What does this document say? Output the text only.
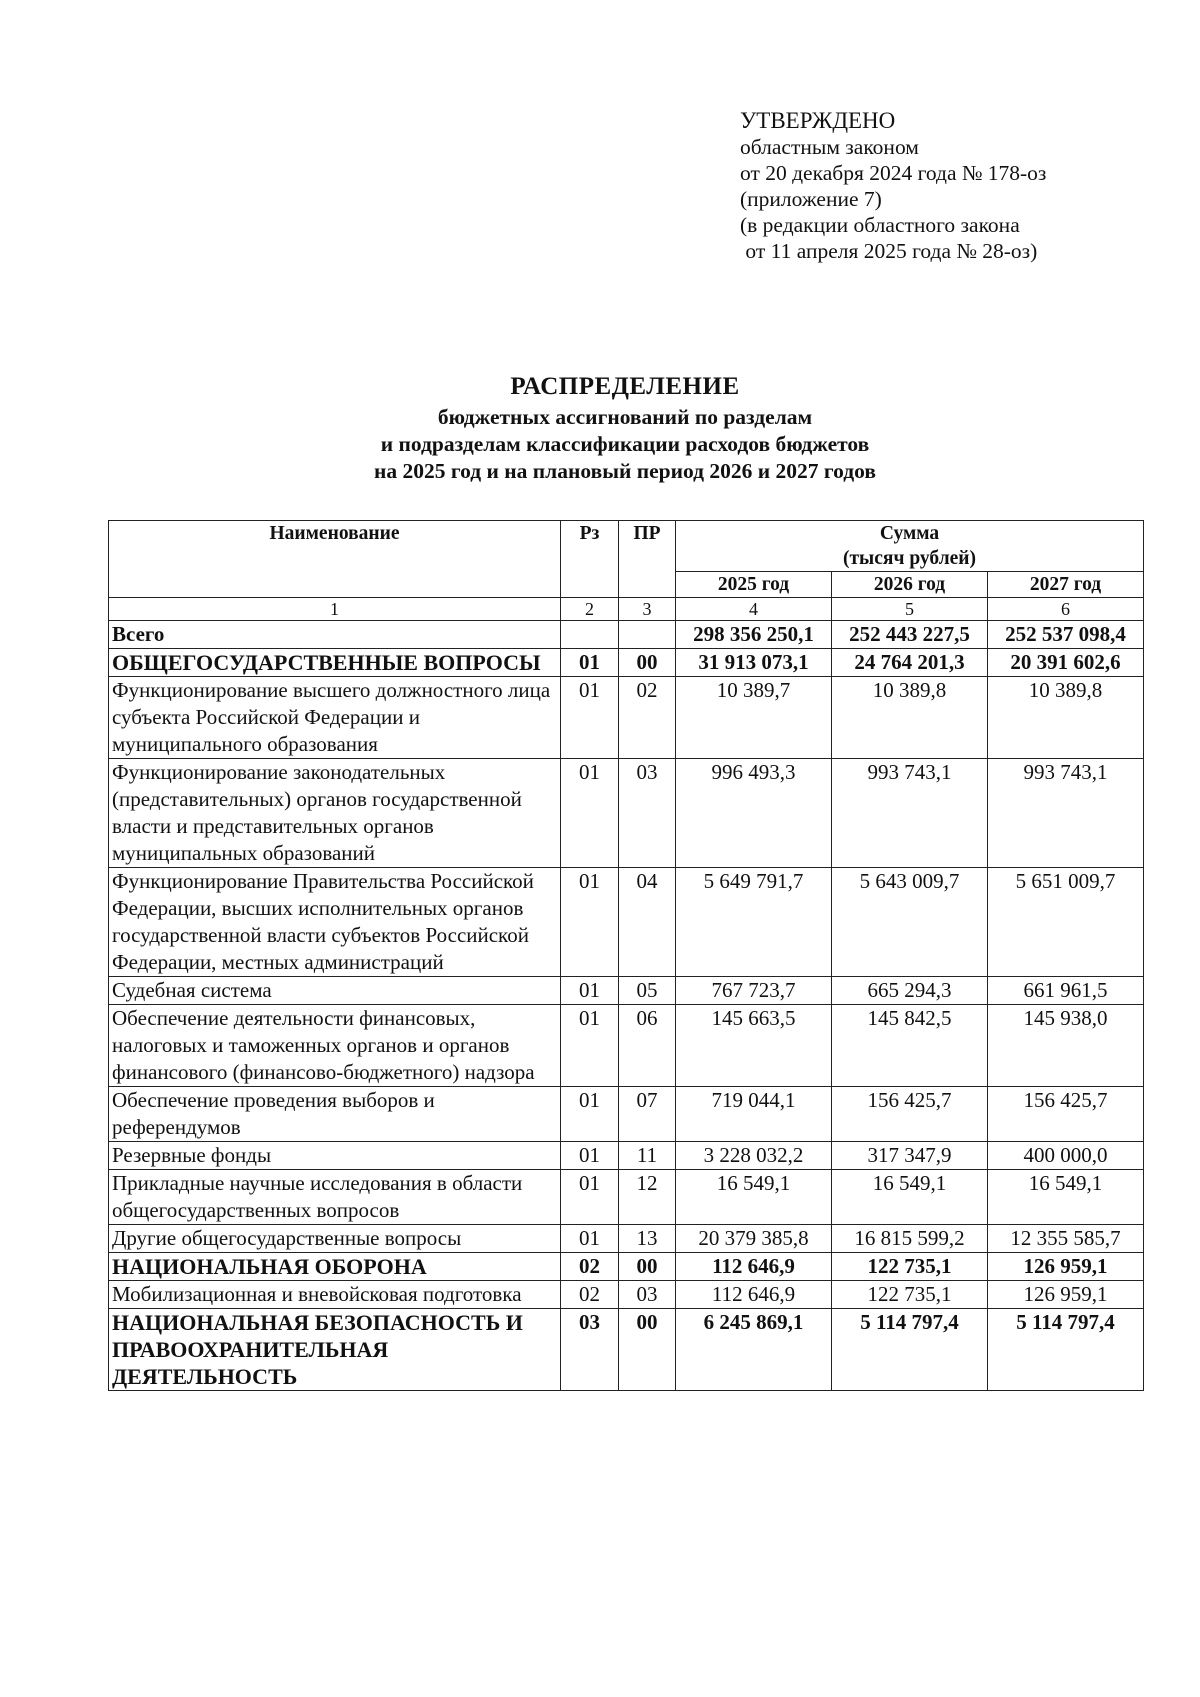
УТВЕРЖДЕНО
областным законом
от 20 декабря 2024 года № 178-оз
(приложение 7)
(в редакции областного закона
от 11 апреля 2025 года № 28-оз)
РАСПРЕДЕЛЕНИЕ
бюджетных ассигнований по разделам
и подразделам классификации расходов бюджетов
на 2025 год и на плановый период 2026 и 2027 годов
Наименование	Рз	ПР	Сумма
(тысяч рублей)		

			2025 год	2026 год	2027 год
1	2	3	4	5	6
Всего			298 356 250,1	252 443 227,5	252 537 098,4
ОБЩЕГОСУДАРСТВЕННЫЕ ВОПРОСЫ	01	00	31 913 073,1	24 764 201,3	20 391 602,6
Функционирование высшего должностного лица субъекта Российской Федерации и муниципального образования	01	02	10 389,7	10 389,8	10 389,8
Функционирование законодательных (представительных) органов государственной власти и представительных органов муниципальных образований	01	03	996 493,3	993 743,1	993 743,1
Функционирование Правительства Российской Федерации, высших исполнительных органов государственной власти субъектов Российской Федерации, местных администраций	01	04	5 649 791,7	5 643 009,7	5 651 009,7
Судебная система	01	05	767 723,7	665 294,3	661 961,5
Обеспечение деятельности финансовых, налоговых и таможенных органов и органов финансового (финансово-бюджетного) надзора	01	06	145 663,5	145 842,5	145 938,0
Обеспечение проведения выборов и референдумов	01	07	719 044,1	156 425,7	156 425,7
Резервные фонды	01	11	3 228 032,2	317 347,9	400 000,0
Прикладные научные исследования в области общегосударственных вопросов	01	12	16 549,1	16 549,1	16 549,1
Другие общегосударственные вопросы	01	13	20 379 385,8	16 815 599,2	12 355 585,7
НАЦИОНАЛЬНАЯ ОБОРОНА	02	00	112 646,9	122 735,1	126 959,1
Мобилизационная и вневойсковая подготовка	02	03	112 646,9	122 735,1	126 959,1
НАЦИОНАЛЬНАЯ БЕЗОПАСНОСТЬ И ПРАВООХРАНИТЕЛЬНАЯ ДЕЯТЕЛЬНОСТЬ	03	00	6 245 869,1	5 114 797,4	5 114 797,4
